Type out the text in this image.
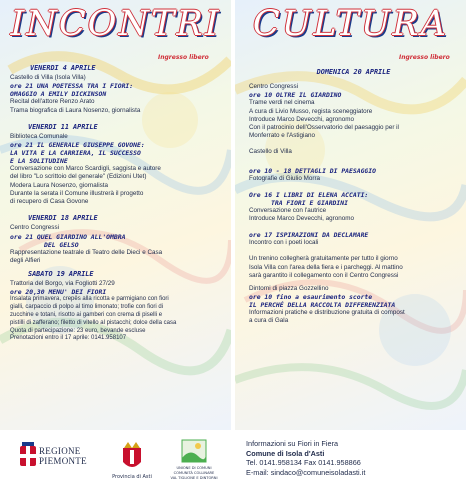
INCONTRI
Ingresso libero
VENERDI 4 APRILE
Castello di Villa (Isola Villa)
ore 21 UNA POETESSA TRA I FIORI:
OMAGGIO A EMILY DICKINSON
Recital dell'attore Renzo Arato
Trama biografica di Laura Nosenzo, giornalista
VENERDI 11 APRILE
Biblioteca Comunale
ore 21 IL GENERALE GIUSEPPE GOVONE:
LA VITA E LA CARRIERA, IL SUCCESSO
E LA SOLITUDINE
Conversazione con Marco Scardigli, saggista e autore
del libro "Lo scrittoio del generale" (Edizioni Utet)
Modera Laura Nosenzo, giornalista
Durante la serata il Comune illustrerà il progetto
di recupero di Casa Govone
VENERDI 18 APRILE
Centro Congressi
ore 21 QUEL GIARDINO ALL'OMBRA
DEL GELSO
Rappresentazione teatrale di Teatro delle Dieci e Casa
degli Alfieri
SABATO 19 APRILE
Trattoria del Borgo, via Fogliotti 27/29
ore 20,30 MENU' DEI FIORI
Insalata primavera, crepês alla ricotta e parmigiano con fiori
gialli, carpaccio di polpo al timo limonato; trofie con fiori di
zucchine e totani, risotto ai gamberi con crema di piselli e
pistilli di zafferano; filetto di vitello al pistacchi; dolce della casa
Quota di partecipazione: 23 euro, bevande escluse
Prenotazioni entro il 17 aprile: 0141.958107
CULTURA
Ingresso libero
DOMENICA 20 APRILE
Centro Congressi
ore 10 OLTRE IL GIARDINO
Trame verdi nel cinema
A cura di Livio Musso, regista sceneggiatore
Introduce Marco Devecchi, agronomo
Con il patrocinio dell'Osservatorio del paesaggio per il
Monferrato e l'Astigiano
Castello di Villa
ore 10 - 18 DETTAGLI DI PAESAGGIO
Fotografie di Giulio Morra
Ore 16 I LIBRI DI ELENA ACCATI:
TRA FIORI E GIARDINI
Conversazione con l'autrice
Introduce Marco Devecchi, agronomo
ore 17 ISPIRAZIONI DA DECLAMARE
Incontro con i poeti locali
Un trenino collegherà gratuitamente per tutto il giorno
Isola Villa con l'area della fiera e i parcheggi. Al mattino
sarà garantito il collegamento con il Centro Congressi
Dintorni di piazza Gozzellino
ore 10 fino a esaurimento scorte
IL PERCHÉ DELLA RACCOLTA DIFFERENZIATA
Informazioni pratiche e distribuzione gratuita di compost
a cura di Gala
REGIONE PIEMONTE
Provincia di Asti
UNIONE DI COMUNI
COMUNITÀ COLLINARE
VAL TIGLIONE E DINTORNI
Informazioni su Fiori in Fiera
Comune di Isola d'Asti
Tel. 0141.958134 Fax 0141.958866
E-mail: sindaco@comuneisoladasti.it
